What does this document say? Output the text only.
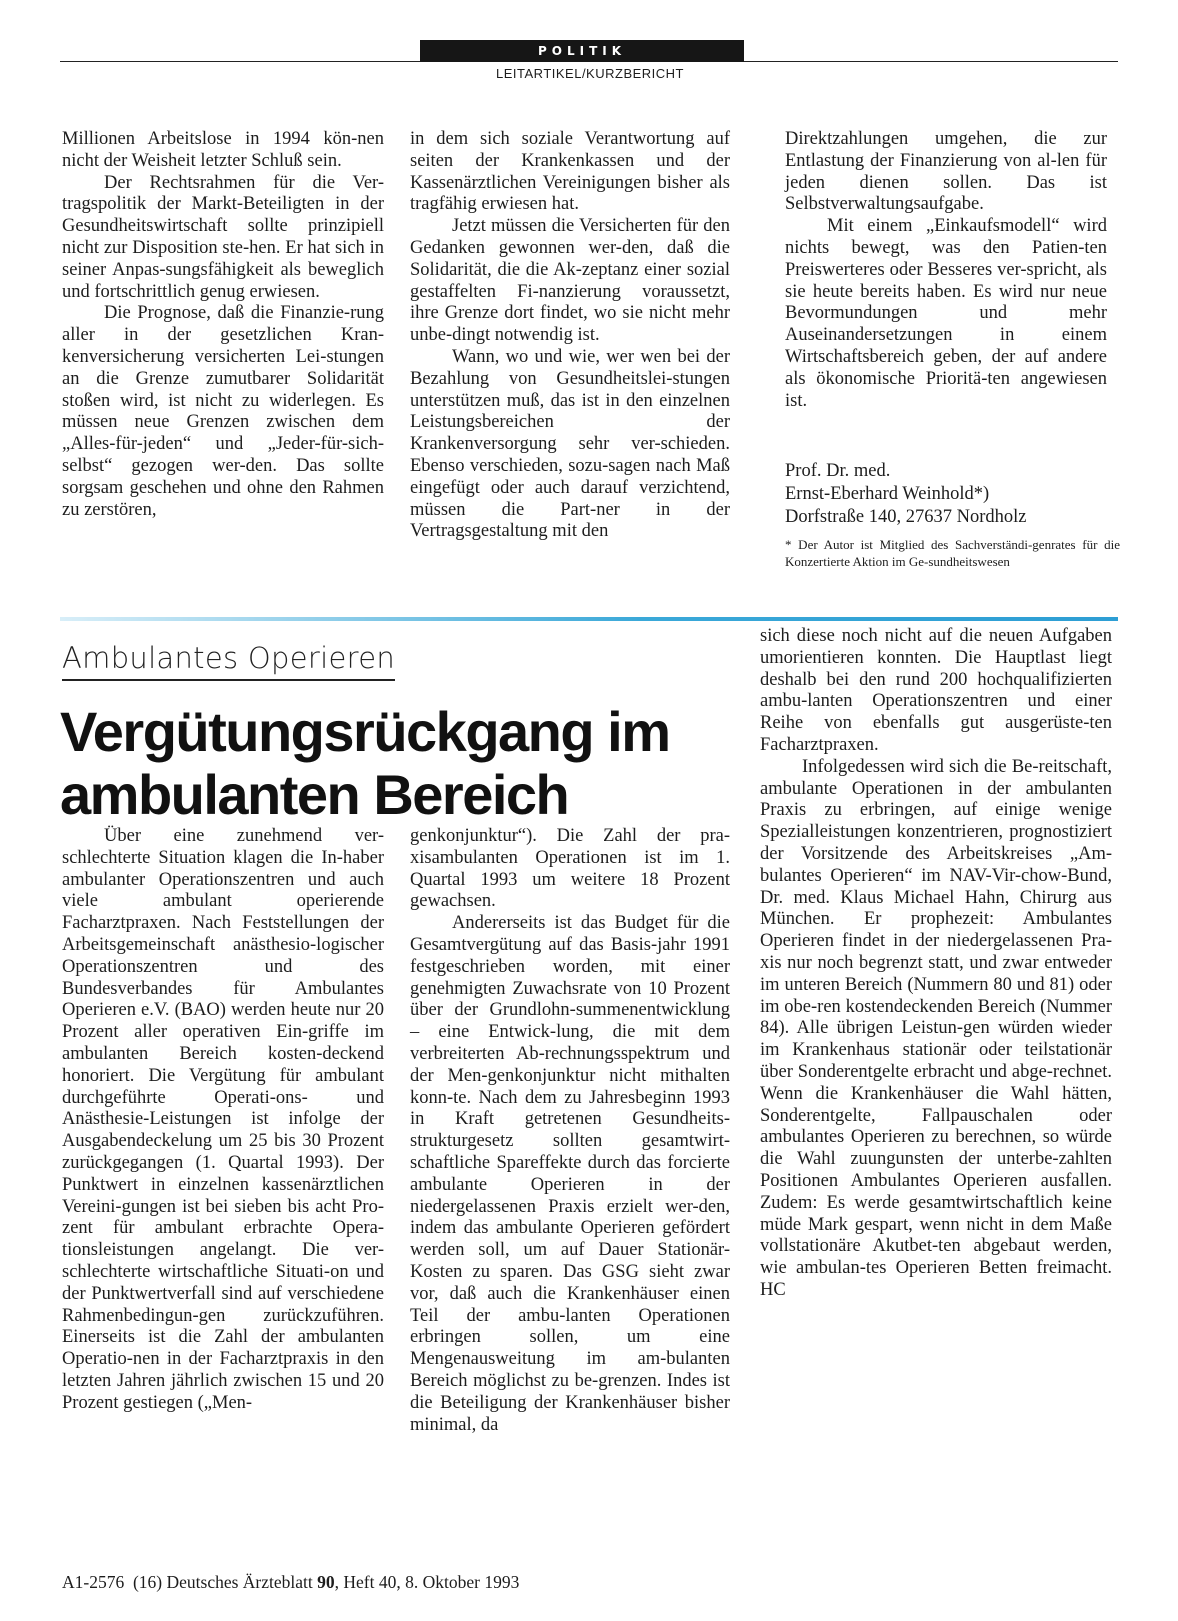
POLITIK
LEITARTIKEL/KURZBERICHT

Millionen Arbeitslose in 1994 kön-nen nicht der Weisheit letzter Schluß sein.

Der Rechtsrahmen für die Ver-tragspolitik der Markt-Beteiligten in der Gesundheitswirtschaft sollte prinzipiell nicht zur Disposition ste-hen. Er hat sich in seiner Anpas-sungsfähigkeit als beweglich und fortschrittlich genug erwiesen.

Die Prognose, daß die Finanzie-rung aller in der gesetzlichen Kran-kenversicherung versicherten Lei-stungen an die Grenze zumutbarer Solidarität stoßen wird, ist nicht zu widerlegen. Es müssen neue Grenzen zwischen dem „Alles-für-jeden“ und „Jeder-für-sich-selbst“ gezogen wer-den. Das sollte sorgsam geschehen und ohne den Rahmen zu zerstören,

in dem sich soziale Verantwortung auf seiten der Krankenkassen und der Kassenärztlichen Vereinigungen bisher als tragfähig erwiesen hat.

Jetzt müssen die Versicherten für den Gedanken gewonnen wer-den, daß die Solidarität, die die Ak-zeptanz einer sozial gestaffelten Fi-nanzierung voraussetzt, ihre Grenze dort findet, wo sie nicht mehr unbe-dingt notwendig ist.

Wann, wo und wie, wer wen bei der Bezahlung von Gesundheitslei-stungen unterstützen muß, das ist in den einzelnen Leistungsbereichen der Krankenversorgung sehr ver-schieden. Ebenso verschieden, sozu-sagen nach Maß eingefügt oder auch darauf verzichtend, müssen die Part-ner in der Vertragsgestaltung mit den

Direktzahlungen umgehen, die zur Entlastung der Finanzierung von al-len für jeden dienen sollen. Das ist Selbstverwaltungsaufgabe.

Mit einem „Einkaufsmodell“ wird nichts bewegt, was den Patien-ten Preiswerteres oder Besseres ver-spricht, als sie heute bereits haben. Es wird nur neue Bevormundungen und mehr Auseinandersetzungen in einem Wirtschaftsbereich geben, der auf andere als ökonomische Prioritä-ten angewiesen ist.

Prof. Dr. med.
Ernst-Eberhard Weinhold*)
Dorfstraße 140, 27637 Nordholz
* Der Autor ist Mitglied des Sachverständi-genrates für die Konzertierte Aktion im Ge-sundheitswesen
Ambulantes Operieren
Vergütungsrückgang im
ambulanten Bereich

Über eine zunehmend ver-schlechterte Situation klagen die In-haber ambulanter Operationszentren und auch viele ambulant operierende Facharztpraxen. Nach Feststellungen der Arbeitsgemeinschaft anästhesio-logischer Operationszentren und des Bundesverbandes für Ambulantes Operieren e.V. (BAO) werden heute nur 20 Prozent aller operativen Ein-griffe im ambulanten Bereich kosten-deckend honoriert. Die Vergütung für ambulant durchgeführte Operati-ons- und Anästhesie-Leistungen ist infolge der Ausgabendeckelung um 25 bis 30 Prozent zurückgegangen (1. Quartal 1993). Der Punktwert in einzelnen kassenärztlichen Vereini-gungen ist bei sieben bis acht Pro-zent für ambulant erbrachte Opera-tionsleistungen angelangt. Die ver-schlechterte wirtschaftliche Situati-on und der Punktwertverfall sind auf verschiedene Rahmenbedingun-gen zurückzuführen. Einerseits ist die Zahl der ambulanten Operatio-nen in der Facharztpraxis in den letzten Jahren jährlich zwischen 15 und 20 Prozent gestiegen („Men-

genkonjunktur“). Die Zahl der pra-xisambulanten Operationen ist im 1. Quartal 1993 um weitere 18 Prozent gewachsen.

Andererseits ist das Budget für die Gesamtvergütung auf das Basis-jahr 1991 festgeschrieben worden, mit einer genehmigten Zuwachsrate von 10 Prozent über der Grundlohn-summenentwicklung – eine Entwick-lung, die mit dem verbreiterten Ab-rechnungsspektrum und der Men-genkonjunktur nicht mithalten konn-te. Nach dem zu Jahresbeginn 1993 in Kraft getretenen Gesundheits-strukturgesetz sollten gesamtwirt-schaftliche Spareffekte durch das forcierte ambulante Operieren in der niedergelassenen Praxis erzielt wer-den, indem das ambulante Operieren gefördert werden soll, um auf Dauer Stationär-Kosten zu sparen. Das GSG sieht zwar vor, daß auch die Krankenhäuser einen Teil der ambu-lanten Operationen erbringen sollen, um eine Mengenausweitung im am-bulanten Bereich möglichst zu be-grenzen. Indes ist die Beteiligung der Krankenhäuser bisher minimal, da

sich diese noch nicht auf die neuen Aufgaben umorientieren konnten. Die Hauptlast liegt deshalb bei den rund 200 hochqualifizierten ambu-lanten Operationszentren und einer Reihe von ebenfalls gut ausgerüste-ten Facharztpraxen.

Infolgedessen wird sich die Be-reitschaft, ambulante Operationen in der ambulanten Praxis zu erbringen, auf einige wenige Spezialleistungen konzentrieren, prognostiziert der Vorsitzende des Arbeitskreises „Am-bulantes Operieren“ im NAV-Vir-chow-Bund, Dr. med. Klaus Michael Hahn, Chirurg aus München. Er prophezeit: Ambulantes Operieren findet in der niedergelassenen Pra-xis nur noch begrenzt statt, und zwar entweder im unteren Bereich (Nummern 80 und 81) oder im obe-ren kostendeckenden Bereich (Nummer 84). Alle übrigen Leistun-gen würden wieder im Krankenhaus stationär oder teilstationär über Sonderentgelte erbracht und abge-rechnet. Wenn die Krankenhäuser die Wahl hätten, Sonderentgelte, Fallpauschalen oder ambulantes Operieren zu berechnen, so würde die Wahl zuungunsten der unterbe-zahlten Positionen Ambulantes Operieren ausfallen. Zudem: Es werde gesamtwirtschaftlich keine müde Mark gespart, wenn nicht in dem Maße vollstationäre Akutbet-ten abgebaut werden, wie ambulan-tes Operieren Betten freimacht. HC

A1-2576 (16) Deutsches Ärzteblatt 90, Heft 40, 8. Oktober 1993
